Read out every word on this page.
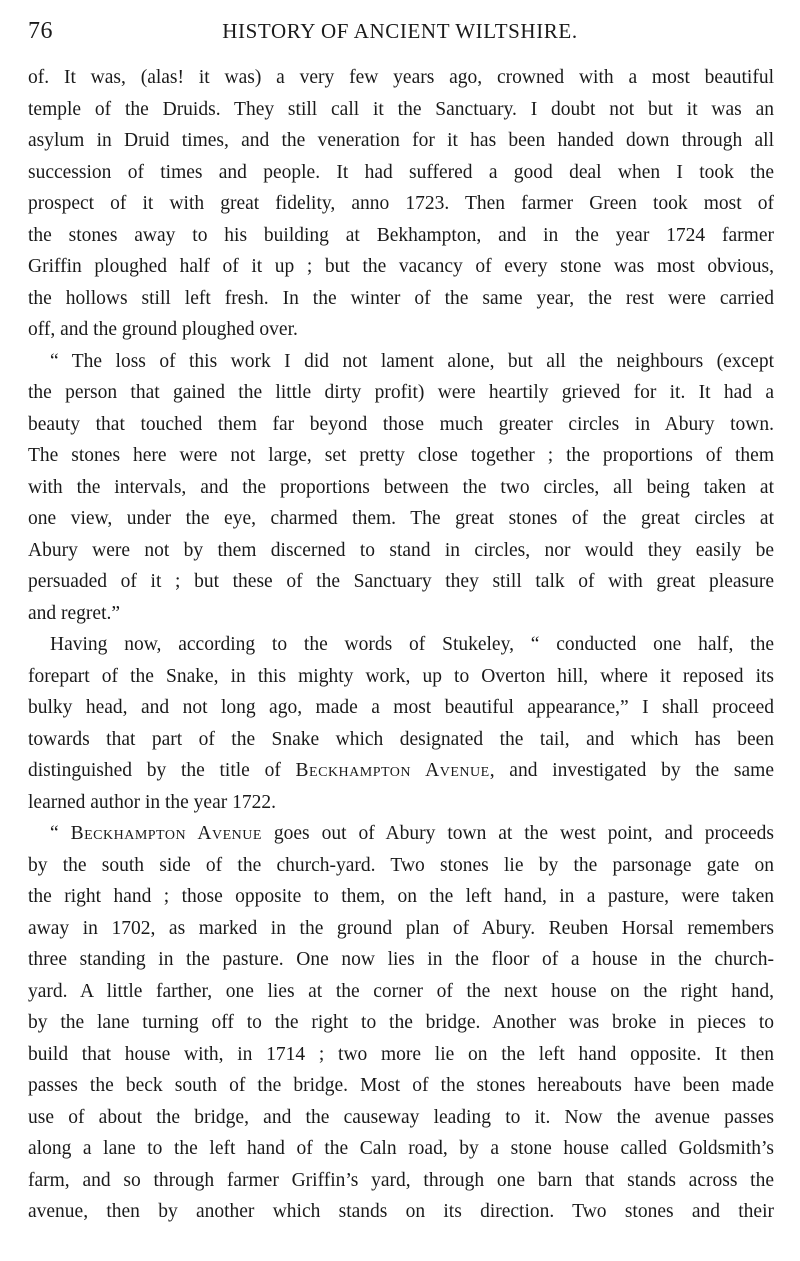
76	HISTORY OF ANCIENT WILTSHIRE.
of. It was, (alas! it was) a very few years ago, crowned with a most beautiful
temple of the Druids. They still call it the Sanctuary. I doubt not but it was an
asylum in Druid times, and the veneration for it has been handed down through all
succession of times and people. It had suffered a good deal when I took the
prospect of it with great fidelity, anno 1723. Then farmer Green took most of
the stones away to his building at Bekhampton, and in the year 1724 farmer
Griffin ploughed half of it up ; but the vacancy of every stone was most obvious,
the hollows still left fresh. In the winter of the same year, the rest were carried
off, and the ground ploughed over.
“ The loss of this work I did not lament alone, but all the neighbours (except
the person that gained the little dirty profit) were heartily grieved for it. It had a
beauty that touched them far beyond those much greater circles in Abury town.
The stones here were not large, set pretty close together ; the proportions of them
with the intervals, and the proportions between the two circles, all being taken at
one view, under the eye, charmed them. The great stones of the great circles at
Abury were not by them discerned to stand in circles, nor would they easily be
persuaded of it ; but these of the Sanctuary they still talk of with great pleasure
and regret.”
Having now, according to the words of Stukeley, “ conducted one half, the
forepart of the Snake, in this mighty work, up to Overton hill, where it reposed its
bulky head, and not long ago, made a most beautiful appearance,” I shall proceed
towards that part of the Snake which designated the tail, and which has been
distinguished by the title of Beckhampton Avenue, and investigated by the same
learned author in the year 1722.
“ Beckhampton Avenue goes out of Abury town at the west point, and proceeds
by the south side of the church-yard. Two stones lie by the parsonage gate on
the right hand ; those opposite to them, on the left hand, in a pasture, were taken
away in 1702, as marked in the ground plan of Abury. Reuben Horsal remembers
three standing in the pasture. One now lies in the floor of a house in the church-
yard. A little farther, one lies at the corner of the next house on the right hand,
by the lane turning off to the right to the bridge. Another was broke in pieces to
build that house with, in 1714 ; two more lie on the left hand opposite. It then
passes the beck south of the bridge. Most of the stones hereabouts have been made
use of about the bridge, and the causeway leading to it. Now the avenue passes
along a lane to the left hand of the Caln road, by a stone house called Goldsmith’s
farm, and so through farmer Griffin’s yard, through one barn that stands across the
avenue, then by another which stands on its direction. Two stones and their
